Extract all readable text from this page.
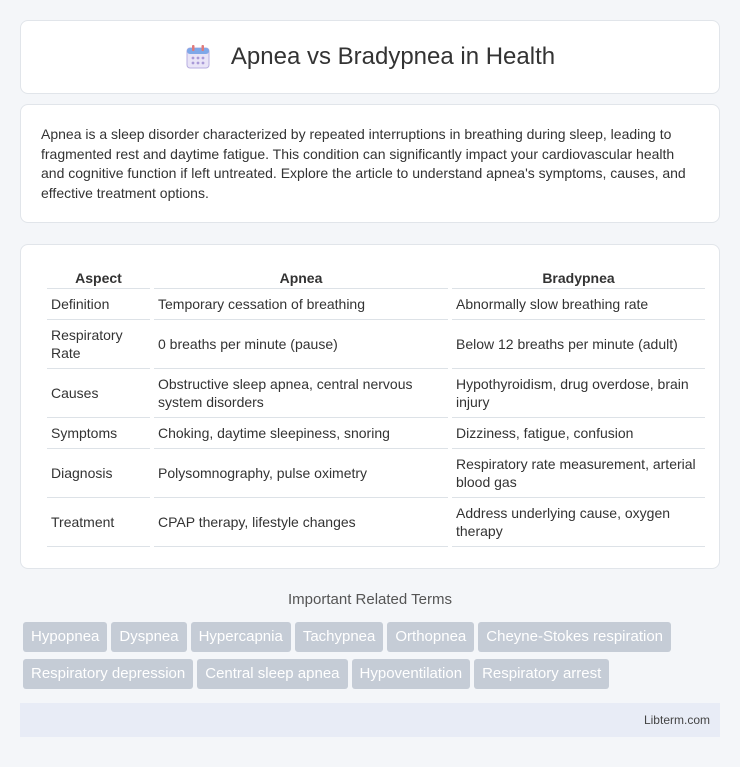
Apnea vs Bradypnea in Health

Apnea is a sleep disorder characterized by repeated interruptions in breathing during sleep, leading to fragmented rest and daytime fatigue. This condition can significantly impact your cardiovascular health and cognitive function if left untreated. Explore the article to understand apnea's symptoms, causes, and effective treatment options.

Aspect	Apnea	Bradypnea
Definition	Temporary cessation of breathing	Abnormally slow breathing rate
Respiratory Rate	0 breaths per minute (pause)	Below 12 breaths per minute (adult)
Causes	Obstructive sleep apnea, central nervous system disorders	Hypothyroidism, drug overdose, brain injury
Symptoms	Choking, daytime sleepiness, snoring	Dizziness, fatigue, confusion
Diagnosis	Polysomnography, pulse oximetry	Respiratory rate measurement, arterial blood gas
Treatment	CPAP therapy, lifestyle changes	Address underlying cause, oxygen therapy
Important Related Terms
Hypopnea Dyspnea Hypercapnia Tachypnea Orthopnea Cheyne-Stokes respirationRespiratory depression Central sleep apnea Hypoventilation Respiratory arrest
Libterm.com
